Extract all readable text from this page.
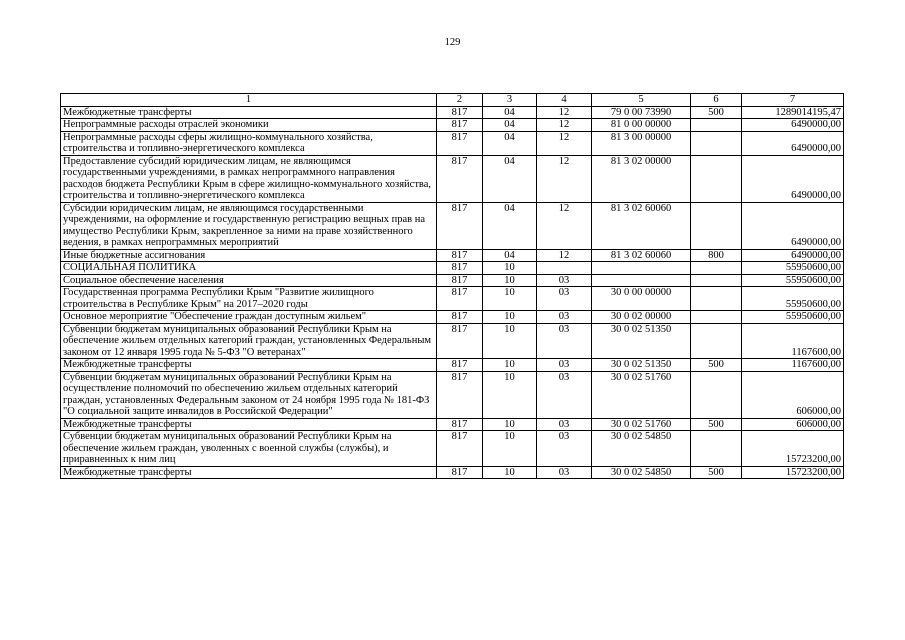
129
1	2	3	4	5	6	7
Межбюджетные трансферты	817	04	12	79 0 00 73990	500	1289014195,47
Непрограммные расходы отраслей экономики	817	04	12	81 0 00 00000		6490000,00
Непрограммные расходы сферы жилищно-коммунального хозяйства, строительства и топливно-энергетического комплекса	817	04	12	81 3 00 00000		6490000,00
Предоставление субсидий юридическим лицам, не являющимся государственными учреждениями, в рамках непрограммного направления расходов бюджета Республики Крым в сфере жилищно-коммунального хозяйства, строительства и топливно-энергетического комплекса	817	04	12	81 3 02 00000		6490000,00
Субсидии юридическим лицам, не являющимся государственными учреждениями, на оформление и государственную регистрацию вещных прав на имущество Республики Крым, закрепленное за ними на праве хозяйственного ведения, в рамках непрограммных мероприятий	817	04	12	81 3 02 60060		6490000,00
Иные бюджетные ассигнования	817	04	12	81 3 02 60060	800	6490000,00
СОЦИАЛЬНАЯ ПОЛИТИКА	817	10				55950600,00
Социальное обеспечение населения	817	10	03			55950600,00
Государственная программа Республики Крым "Развитие жилищного строительства в Республике Крым" на 2017–2020 годы	817	10	03	30 0 00 00000		55950600,00
Основное мероприятие "Обеспечение граждан доступным жильем"	817	10	03	30 0 02 00000		55950600,00
Субвенции бюджетам муниципальных образований Республики Крым на обеспечение жильем отдельных категорий граждан, установленных Федеральным законом от 12 января 1995 года № 5-ФЗ "О ветеранах"	817	10	03	30 0 02 51350		1167600,00
Межбюджетные трансферты	817	10	03	30 0 02 51350	500	1167600,00
Субвенции бюджетам муниципальных образований Республики Крым на осуществление полномочий по обеспечению жильем отдельных категорий граждан, установленных Федеральным законом от 24 ноября 1995 года № 181-ФЗ "О социальной защите инвалидов в Российской Федерации"	817	10	03	30 0 02 51760		606000,00
Межбюджетные трансферты	817	10	03	30 0 02 51760	500	606000,00
Субвенции бюджетам муниципальных образований Республики Крым на обеспечение жильем граждан, уволенных с военной службы (службы), и приравненных к ним лиц	817	10	03	30 0 02 54850		15723200,00
Межбюджетные трансферты	817	10	03	30 0 02 54850	500	15723200,00
